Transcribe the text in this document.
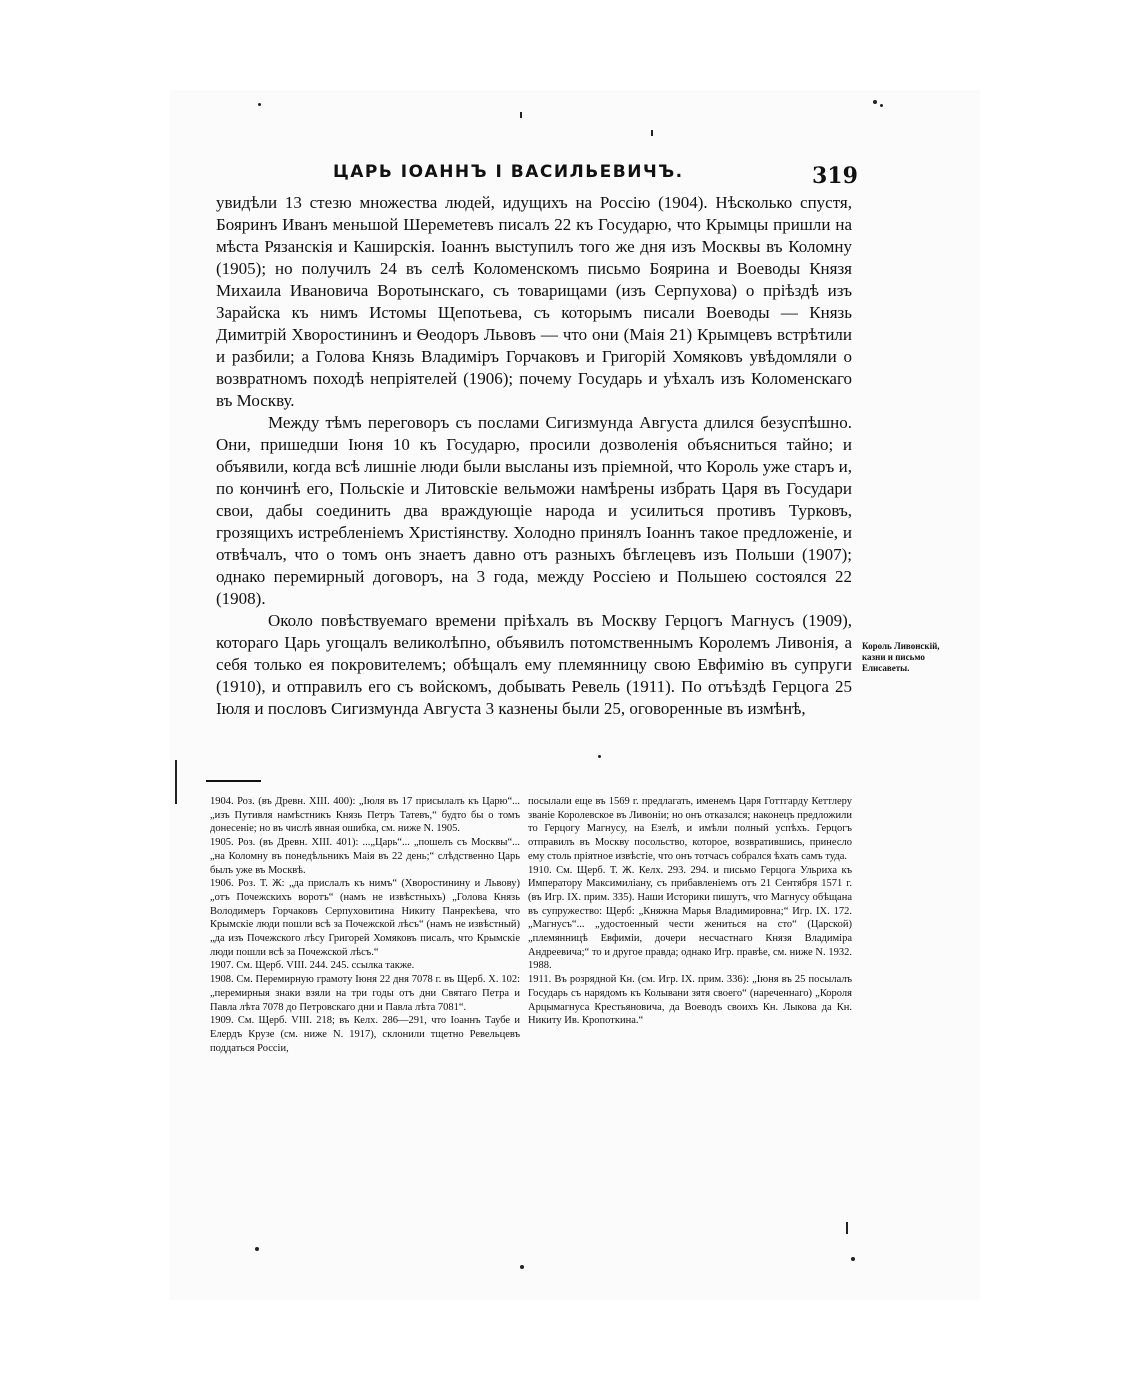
ЦАРЬ ІОАННЪ І ВАСИЛЬЕВИЧЪ.	319

увидѣли 13 стезю множества людей, идущихъ на Россію (1904). Нѣсколько спустя, Бояринъ Иванъ меньшой Шереметевъ писалъ 22 къ Государю, что Крымцы пришли на мѣста Рязанскія и Каширскія. Іоаннъ выступилъ того же дня изъ Москвы въ Коломну (1905); но получилъ 24 въ селѣ Коломенскомъ письмо Боярина и Воеводы Князя Михаила Ивановича Воротынскаго, съ товарищами (изъ Серпухова) о пріѣздѣ изъ Зарайска къ нимъ Истомы Щепотьева, съ которымъ писали Воеводы — Князь Димитрій Хворостининъ и Ѳеодоръ Львовъ — что они (Маія 21) Крымцевъ встрѣтили и разбили; а Голова Князь Владиміръ Горчаковъ и Григорій Хомяковъ увѣдомляли о возвратномъ походѣ непріятелей (1906); почему Государь и уѣхалъ изъ Коломенскаго въ Москву.

Между тѣмъ переговоръ съ послами Сигизмунда Августа длился безуспѣшно. Они, пришедши Іюня 10 къ Государю, просили дозволенія объясниться тайно; и объявили, когда всѣ лишніе люди были высланы изъ пріемной, что Король уже старъ и, по кончинѣ его, Польскіе и Литовскіе вельможи намѣрены избрать Царя въ Государи свои, дабы соединить два враждующіе народа и усилиться противъ Турковъ, грозящихъ истребленіемъ Христіянству. Холодно принялъ Іоаннъ такое предложеніе, и отвѣчалъ, что о томъ онъ знаетъ давно отъ разныхъ бѣглецевъ изъ Польши (1907); однако перемирный договоръ, на 3 года, между Россіею и Польшею состоялся 22 (1908).

Около повѣствуемаго времени пріѣхалъ въ Москву Герцогъ Магнусъ (1909), котораго Царь угощалъ великолѣпно, объявилъ потомственнымъ Королемъ Ливонія, а себя только ея покровителемъ; обѣщалъ ему племянницу свою Евфимію въ супруги (1910), и отправилъ его съ войскомъ, добывать Ревель (1911). По отъѣздѣ Герцога 25 Іюля и пословъ Сигизмунда Августа 3 казнены были 25, оговоренные въ измѣнѣ,

Король Ливонскій, казни и письмо Елисаветы.

1904. Роз. (въ Древн. XIII. 400): „Іюля въ 17 присылалъ къ Царю“... „изъ Путивля намѣстникъ Князь Петръ Татевъ,“ будто бы о томъ донесеніе; но въ числѣ явная ошибка, см. ниже N. 1905.

1905. Роз. (въ Древн. XIII. 401): ...„Царь“... „пошелъ съ Москвы“... „на Коломну въ понедѣльникъ Маія въ 22 день;“ слѣдственно Царь былъ уже въ Москвѣ.

1906. Роз. Т. Ж: „да прислалъ къ нимъ“ (Хворостинину и Львову) „отъ Почежскихъ воротъ“ (намъ не извѣстныхъ) „Голова Князь Володимеръ Горчаковъ Серпуховитина Никиту Панрекѣева, что Крымскіе люди пошли всѣ за Почежской лѣсъ“ (намъ не извѣстный) „да изъ Почежского лѣсу Григорей Хомяковъ писалъ, что Крымскіе люди пошли всѣ за Почежской лѣсъ.“

1907. См. Щерб. VIII. 244. 245. ссылка также.

1908. См. Перемирную грамоту Іюня 22 дня 7078 г. въ Щерб. X. 102: „перемирныя знаки взяли на три годы отъ дни Святаго Петра и Павла лѣта 7078 до Петровскаго дни и Павла лѣта 7081“.

1909. См. Щерб. VIII. 218; въ Келх. 286—291, что Іоаннъ Таубе и Елердъ Крузе (см. ниже N. 1917), склонили тщетно Ревельцевъ поддаться Россіи,

посылали еще въ 1569 г. предлагать, именемъ Царя Готтгарду Кеттлеру званіе Королевское въ Ливоніи; но онъ отказался; наконецъ предложили то Герцогу Магнусу, на Езелѣ, и имѣли полный успѣхъ. Герцогъ отправилъ въ Москву посольство, которое, возвратившись, принесло ему столь пріятное извѣстіе, что онъ тотчасъ собрался ѣхать самъ туда.

1910. См. Щерб. Т. Ж. Келх. 293. 294. и письмо Герцога Ульриха къ Императору Максимиліану, съ прибавленіемъ отъ 21 Сентября 1571 г. (въ Игр. IX. прим. 335). Наши Историки пишутъ, что Магнусу обѣщана въ супружество: Щерб: „Княжна Марья Владимировна;“ Игр. IX. 172. „Магнусъ“... „удостоенный чести жениться на сто“ (Царской) „племянницѣ Евфиміи, дочери несчастнаго Князя Владиміра Андреевича;“ то и другое правда; однако Игр. правѣе, см. ниже N. 1932. 1988.

1911. Въ розрядной Кн. (см. Игр. IX. прим. 336): „Іюня въ 25 посылалъ Государь съ нарядомъ къ Колывани зятя своего“ (нареченнаго) „Короля Арцымагнуса Крестьяновича, да Воеводъ своихъ Кн. Лыкова да Кн. Никиту Ив. Кропоткина.“
